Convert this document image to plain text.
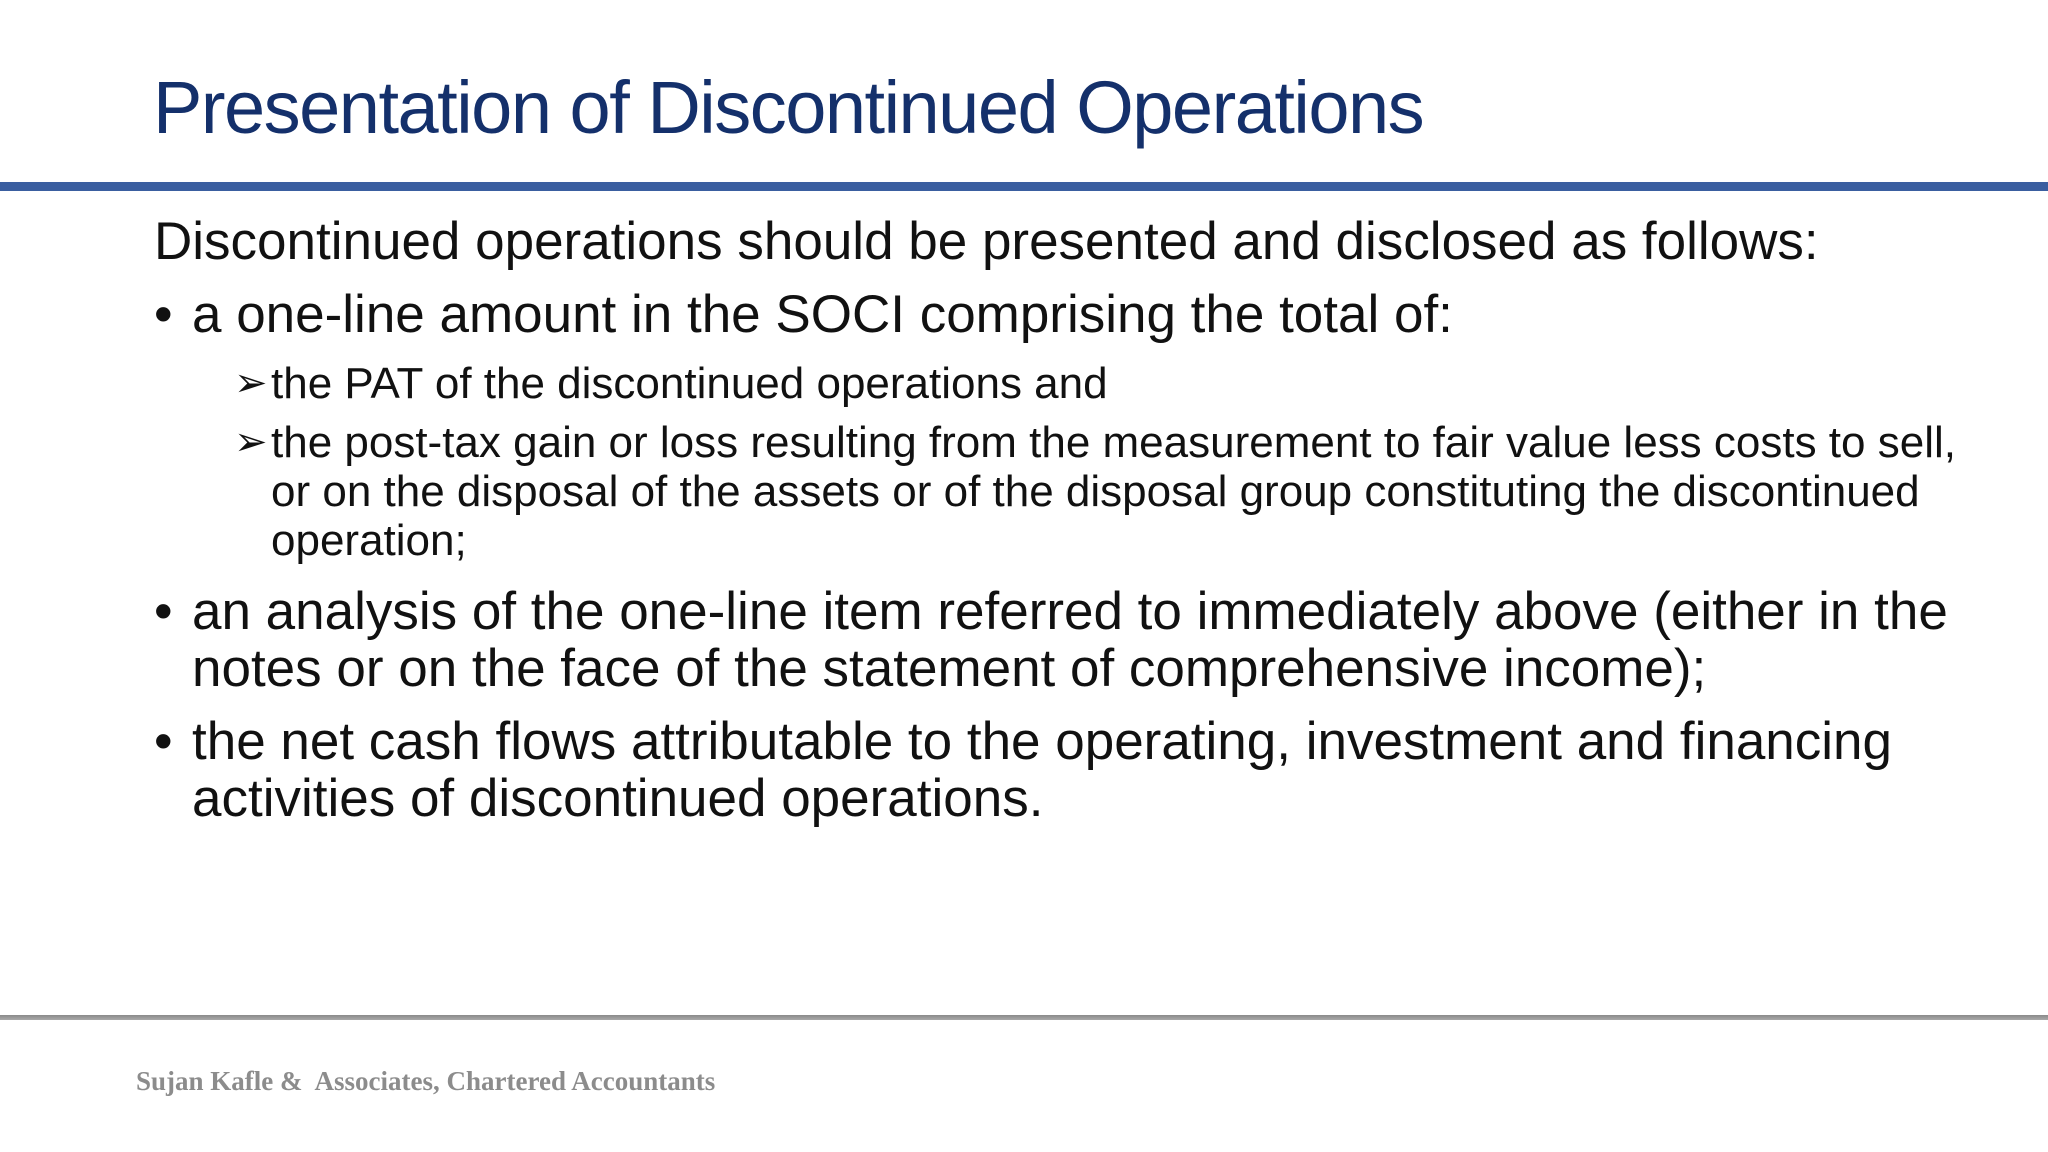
Presentation of Discontinued Operations

Discontinued operations should be presented and disclosed as follows:

• a one-line amount in the SOCI comprising the total of:
➢ the PAT of the discontinued operations and
➢ the post-tax gain or loss resulting from the measurement to fair value less costs to sell, or on the disposal of the assets or of the disposal group constituting the discontinued operation;
• an analysis of the one-line item referred to immediately above (either in the notes or on the face of the statement of comprehensive income);
• the net cash flows attributable to the operating, investment and financing activities of discontinued operations.
Sujan Kafle &  Associates, Chartered Accountants
